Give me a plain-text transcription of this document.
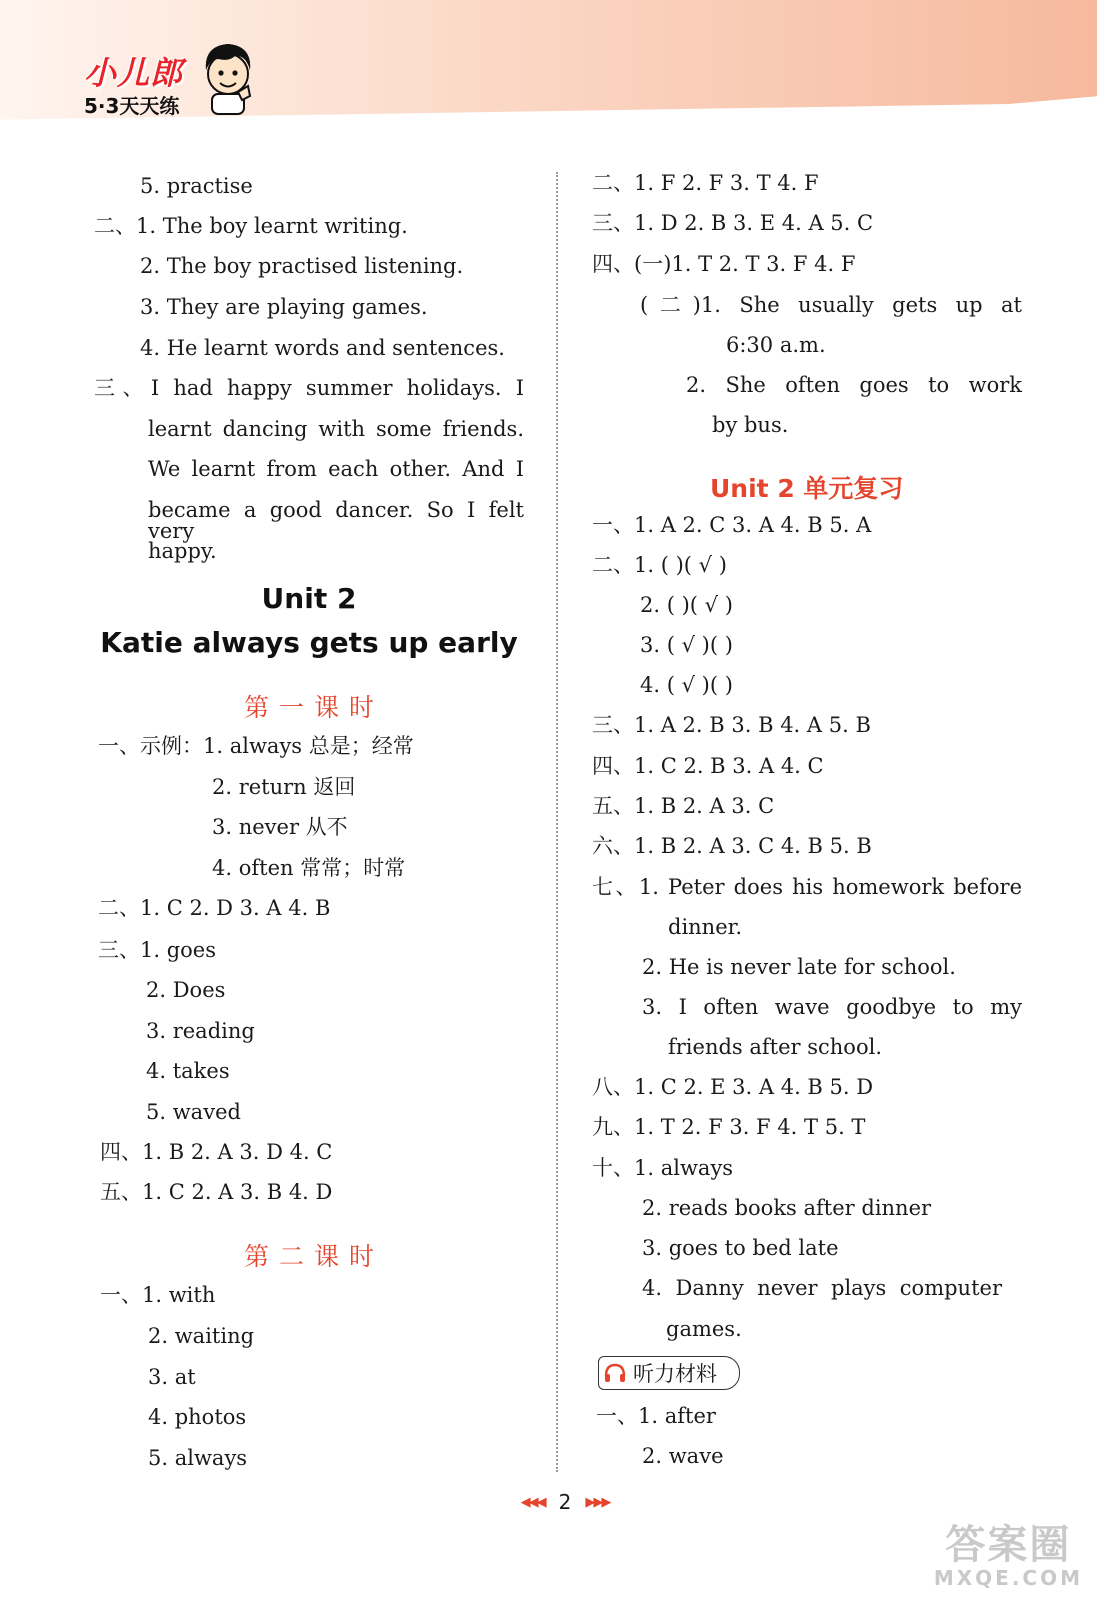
小儿郎
5·3天天练
5. practise
二、1. The boy learnt writing.
2. The boy practised listening.
3. They are playing games.
4. He learnt words and sentences.
三、I had happy summer holidays. I
learnt dancing with some friends.
We learnt from each other. And I
became a good dancer. So I felt very
happy.
Unit 2
Katie always gets up early
第一课时
一、示例：1. always 总是；经常
2. return 返回
3. never 从不
4. often 常常；时常
二、1. C 2. D 3. A 4. B
三、1. goes
2. Does
3. reading
4. takes
5. waved
四、1. B 2. A 3. D 4. C
五、1. C 2. A 3. B 4. D
第二课时
一、1. with
2. waiting
3. at
4. photos
5. always
二、1. F 2. F 3. T 4. F
三、1. D 2. B 3. E 4. A 5. C
四、(一)1. T 2. T 3. F 4. F
(二)1. She usually gets up at
6:30 a.m.
2. She often goes to work
by bus.
Unit 2 单元复习
一、1. A 2. C 3. A 4. B 5. A
二、1. ( )( √ )
2. ( )( √ )
3. ( √ )( )
4. ( √ )( )
三、1. A 2. B 3. B 4. A 5. B
四、1. C 2. B 3. A 4. C
五、1. B 2. A 3. C
六、1. B 2. A 3. C 4. B 5. B
七、1. Peter does his homework before
dinner.
2. He is never late for school.
3. I often wave goodbye to my
friends after school.
八、1. C 2. E 3. A 4. B 5. D
九、1. T 2. F 3. F 4. T 5. T
十、1. always
2. reads books after dinner
3. goes to bed late
4. Danny never plays computer
games.
听力材料
一、1. after
2. wave
◀◀◀ 2 ▶▶▶
答案圈
MXQE.COM
